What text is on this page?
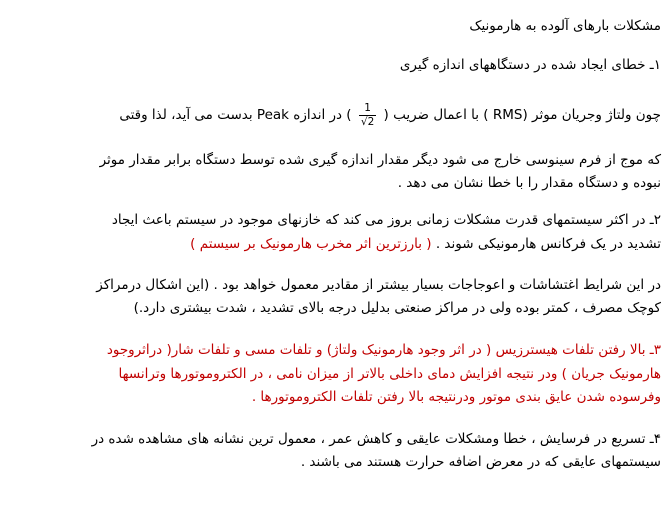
مشکلات بارهای آلوده به هارمونیک
۱ـ خطای ایجاد شده در دستگاههای اندازه گیری
چون ولتاژ وجریان موثر (RMS ) با اعمال ضریب (
$\frac{1}{√2}$
) در اندازه Peak بدست می آید، لذا وقتی
که موج از فرم سینوسی خارج می شود دیگر مقدار اندازه گیری شده توسط دستگاه برابر مقدار موثر
نبوده و دستگاه مقدار را با خطا نشان می دهد .
۲ـ در اکثر سیستمهای قدرت مشکلات زمانی بروز می کند که خازنهای موجود در سیستم باعث ایجاد
تشدید در یک فرکانس هارمونیکی شوند . ( بارزترین اثر مخرب هارمونیک بر سیستم )
در این شرایط اغتشاشات و اعوجاجات بسیار بیشتر از مقادیر معمول خواهد بود . (این اشکال درمراکز
کوچک مصرف ، کمتر بوده ولی در مراکز صنعتی بدلیل درجه بالای تشدید ، شدت بیشتری دارد.)
۳ـ بالا رفتن تلفات هیسترزیس ( در اثر وجود هارمونیک ولتاژ) و تلفات مسی و تلفات شار( دراثروجود
هارمونیک جریان ) ودر نتیجه افزایش دمای داخلی بالاتر از میزان نامی ، در الکتروموتورها وترانسها
وفرسوده شدن عایق بندی موتور ودرنتیجه بالا رفتن تلفات الکتروموتورها .
۴ـ تسریع در فرسایش ، خطا ومشکلات عایقی و کاهش عمر ، معمول ترین نشانه های مشاهده شده در
سیستمهای عایقی که در معرض اضافه حرارت هستند می باشند .
